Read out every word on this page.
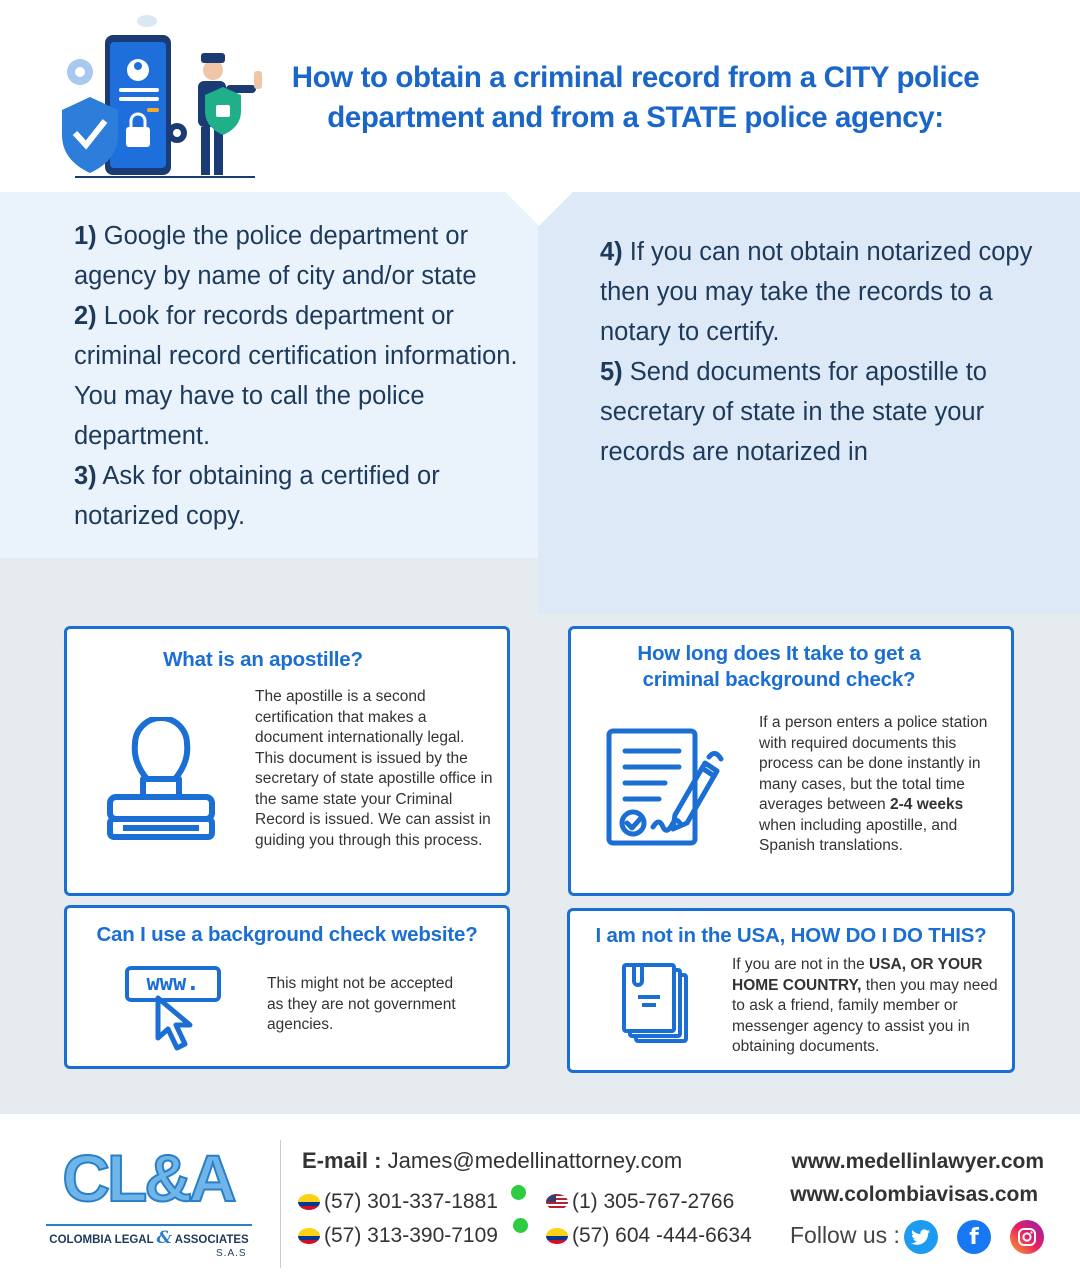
How to obtain a criminal record from a CITY police
department and from a STATE police agency:
1) Google the police department or agency by name of city and/or state
2) Look for records department or criminal record certification information. You may have to call the police department.
3) Ask for obtaining a certified or notarized copy.
4) If you can not obtain notarized copy then you may take the records to a notary to certify.
5) Send documents for apostille to secretary of state in the state your records are notarized in
What is an apostille?

The apostille is a second certification that makes a document internationally legal. This document is issued by the secretary of state apostille office in the same state your Criminal Record is issued. We can assist in guiding you through this process.

How long does It take to get a
criminal background check?

If a person enters a police station with required documents this process can be done instantly in many cases, but the total time averages between 2-4 weeks when including apostille, and Spanish translations.

Can I use a background check website?
www.	This might not be accepted as they are not government agencies.

I am not in the USA, HOW DO I DO THIS?

If you are not in the USA, OR YOUR HOME COUNTRY, then you may need to ask a friend, family member or messenger agency to assist you in obtaining documents.

CL&A
COLOMBIA LEGAL & ASSOCIATES
S.A.S
E-mail : James@medellinattorney.com
(57) 301-337-1881	(1) 305-767-2766
(57) 313-390-7109	(57) 604 -444-6634
www.medellinlawyer.com
www.colombiavisas.com
Follow us :	f
